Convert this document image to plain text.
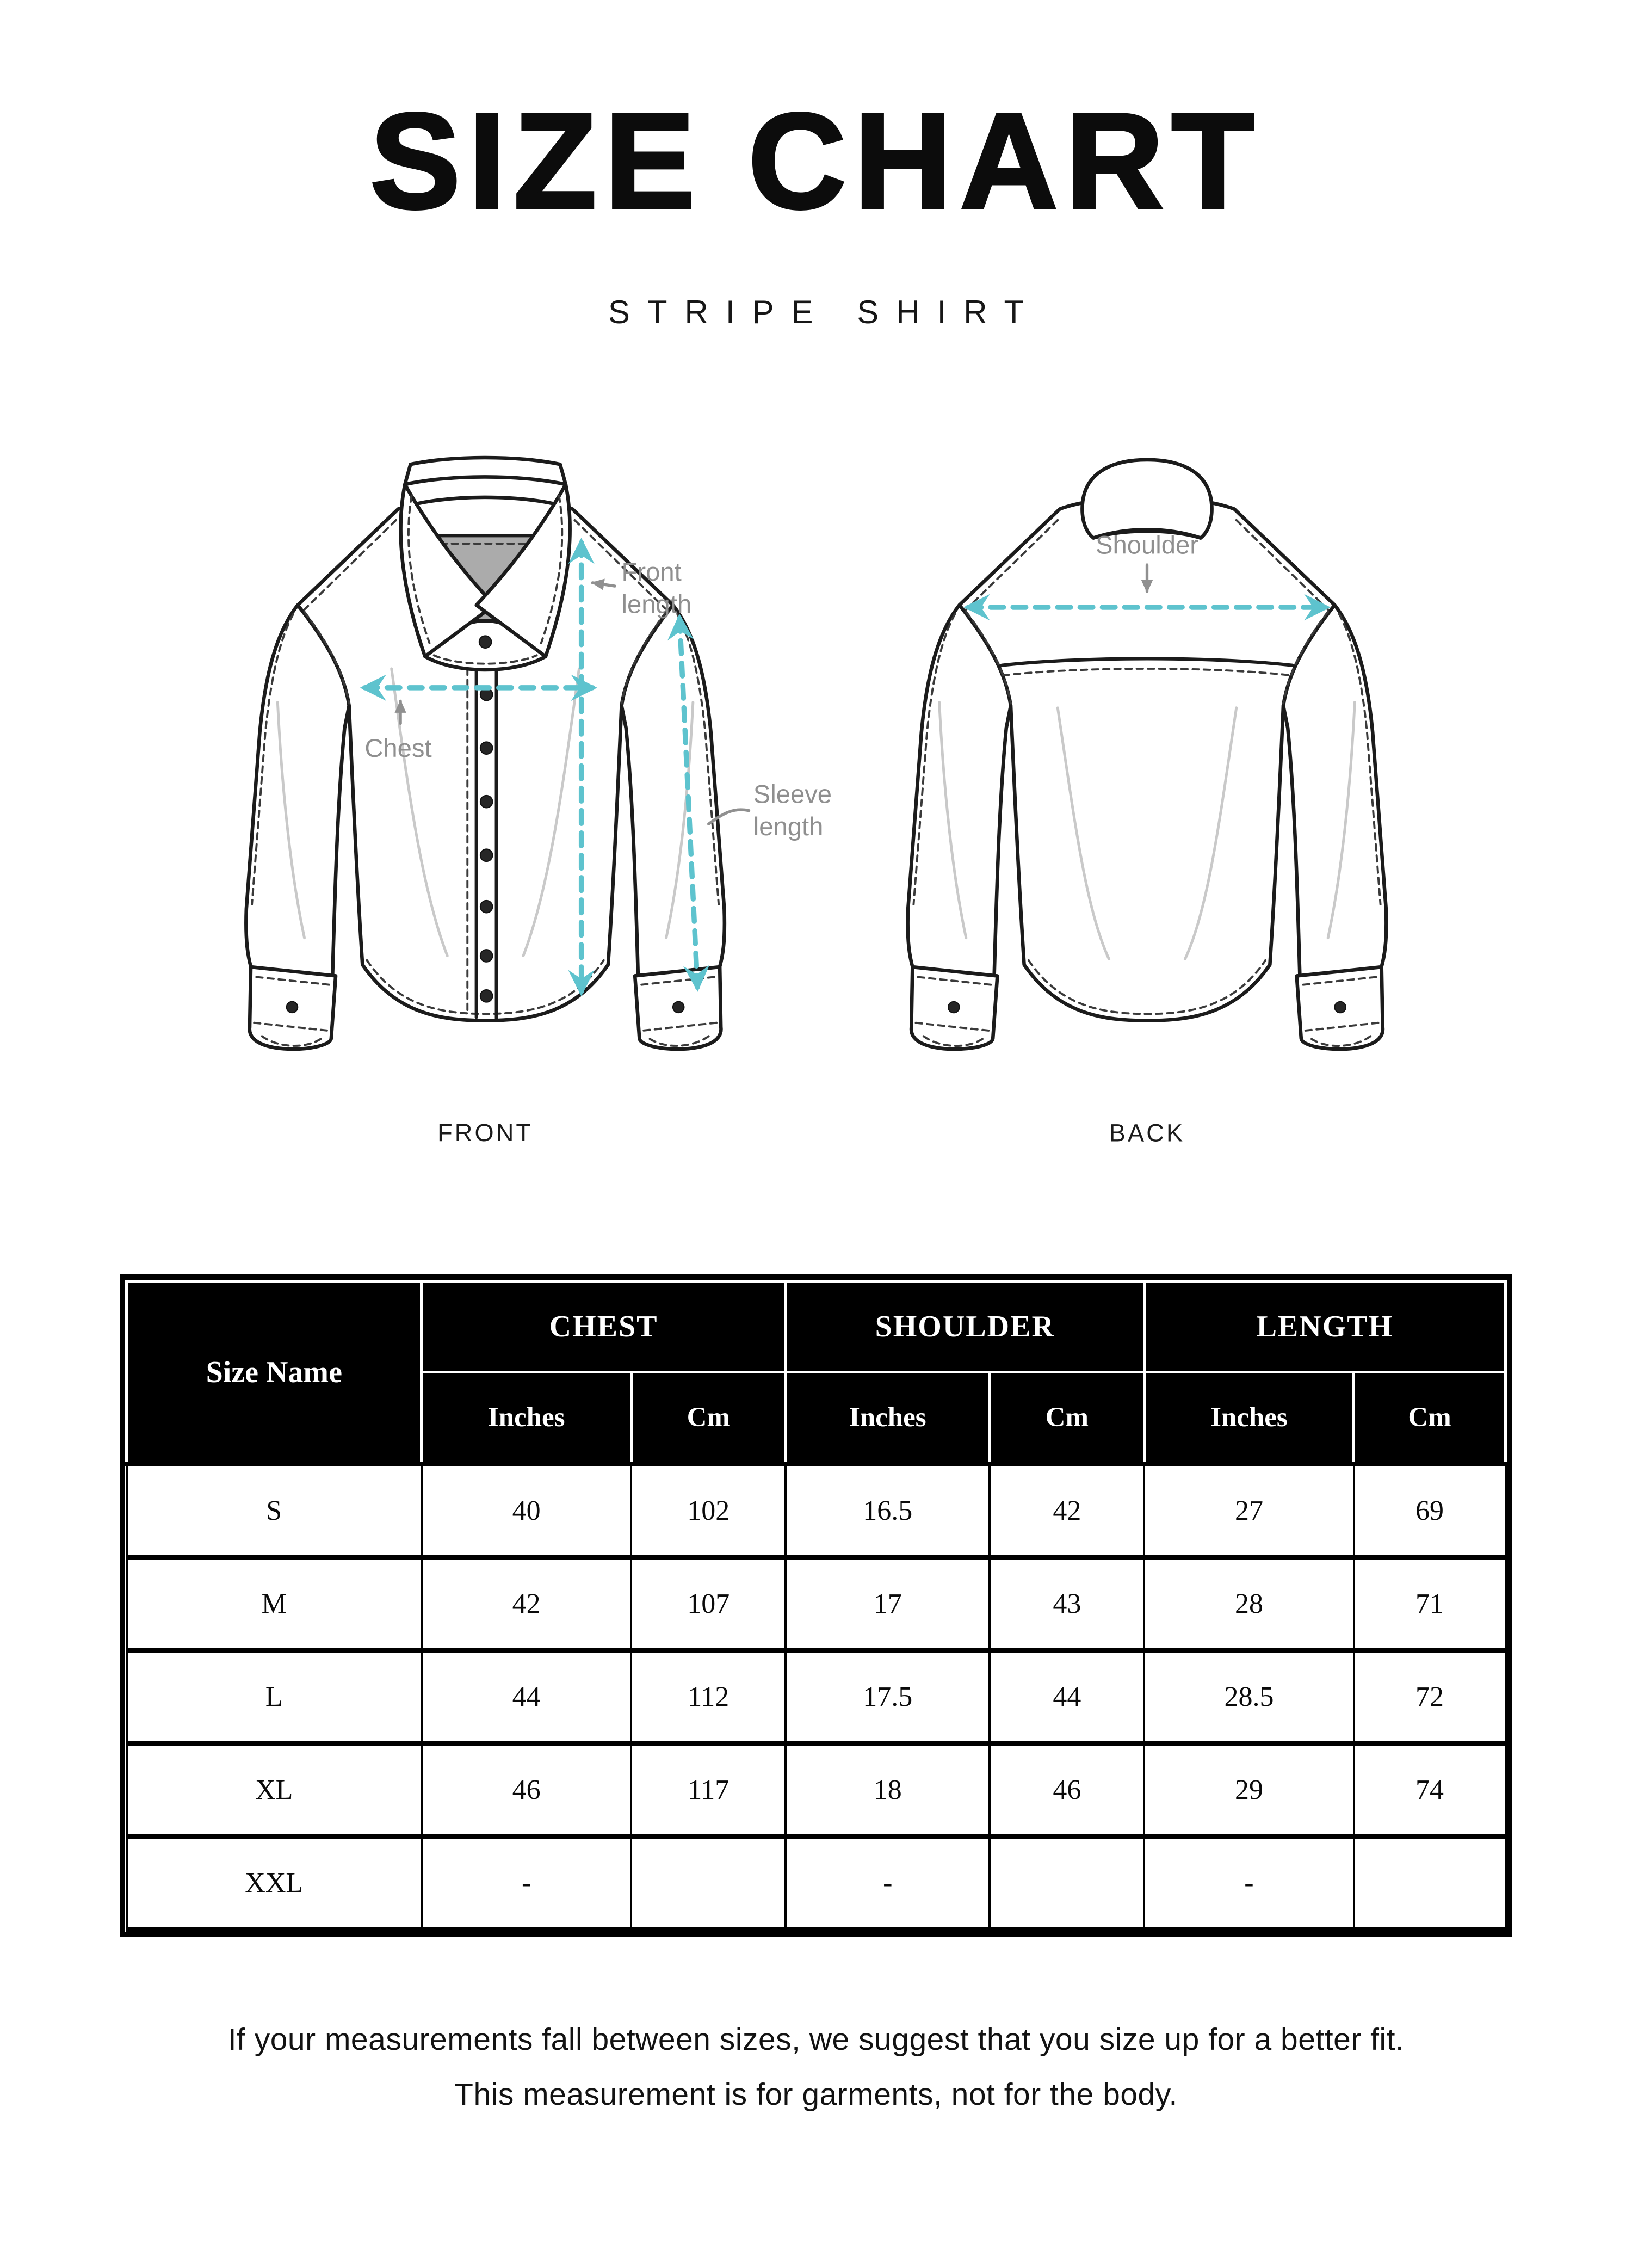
SIZE CHART
STRIPE SHIRT
Front
length
Chest
Sleeve
length
FRONT
Shoulder
BACK
Size Name	CHEST		SHOULDER		LENGTH	
	Inches	Cm	Inches	Cm	Inches	Cm
S	40	102	16.5	42	27	69
M	42	107	17	43	28	71
L	44	112	17.5	44	28.5	72
XL	46	117	18	46	29	74
XXL	-		-		-	
If your measurements fall between sizes, we suggest that you size up for a better fit.
This measurement is for garments, not for the body.
